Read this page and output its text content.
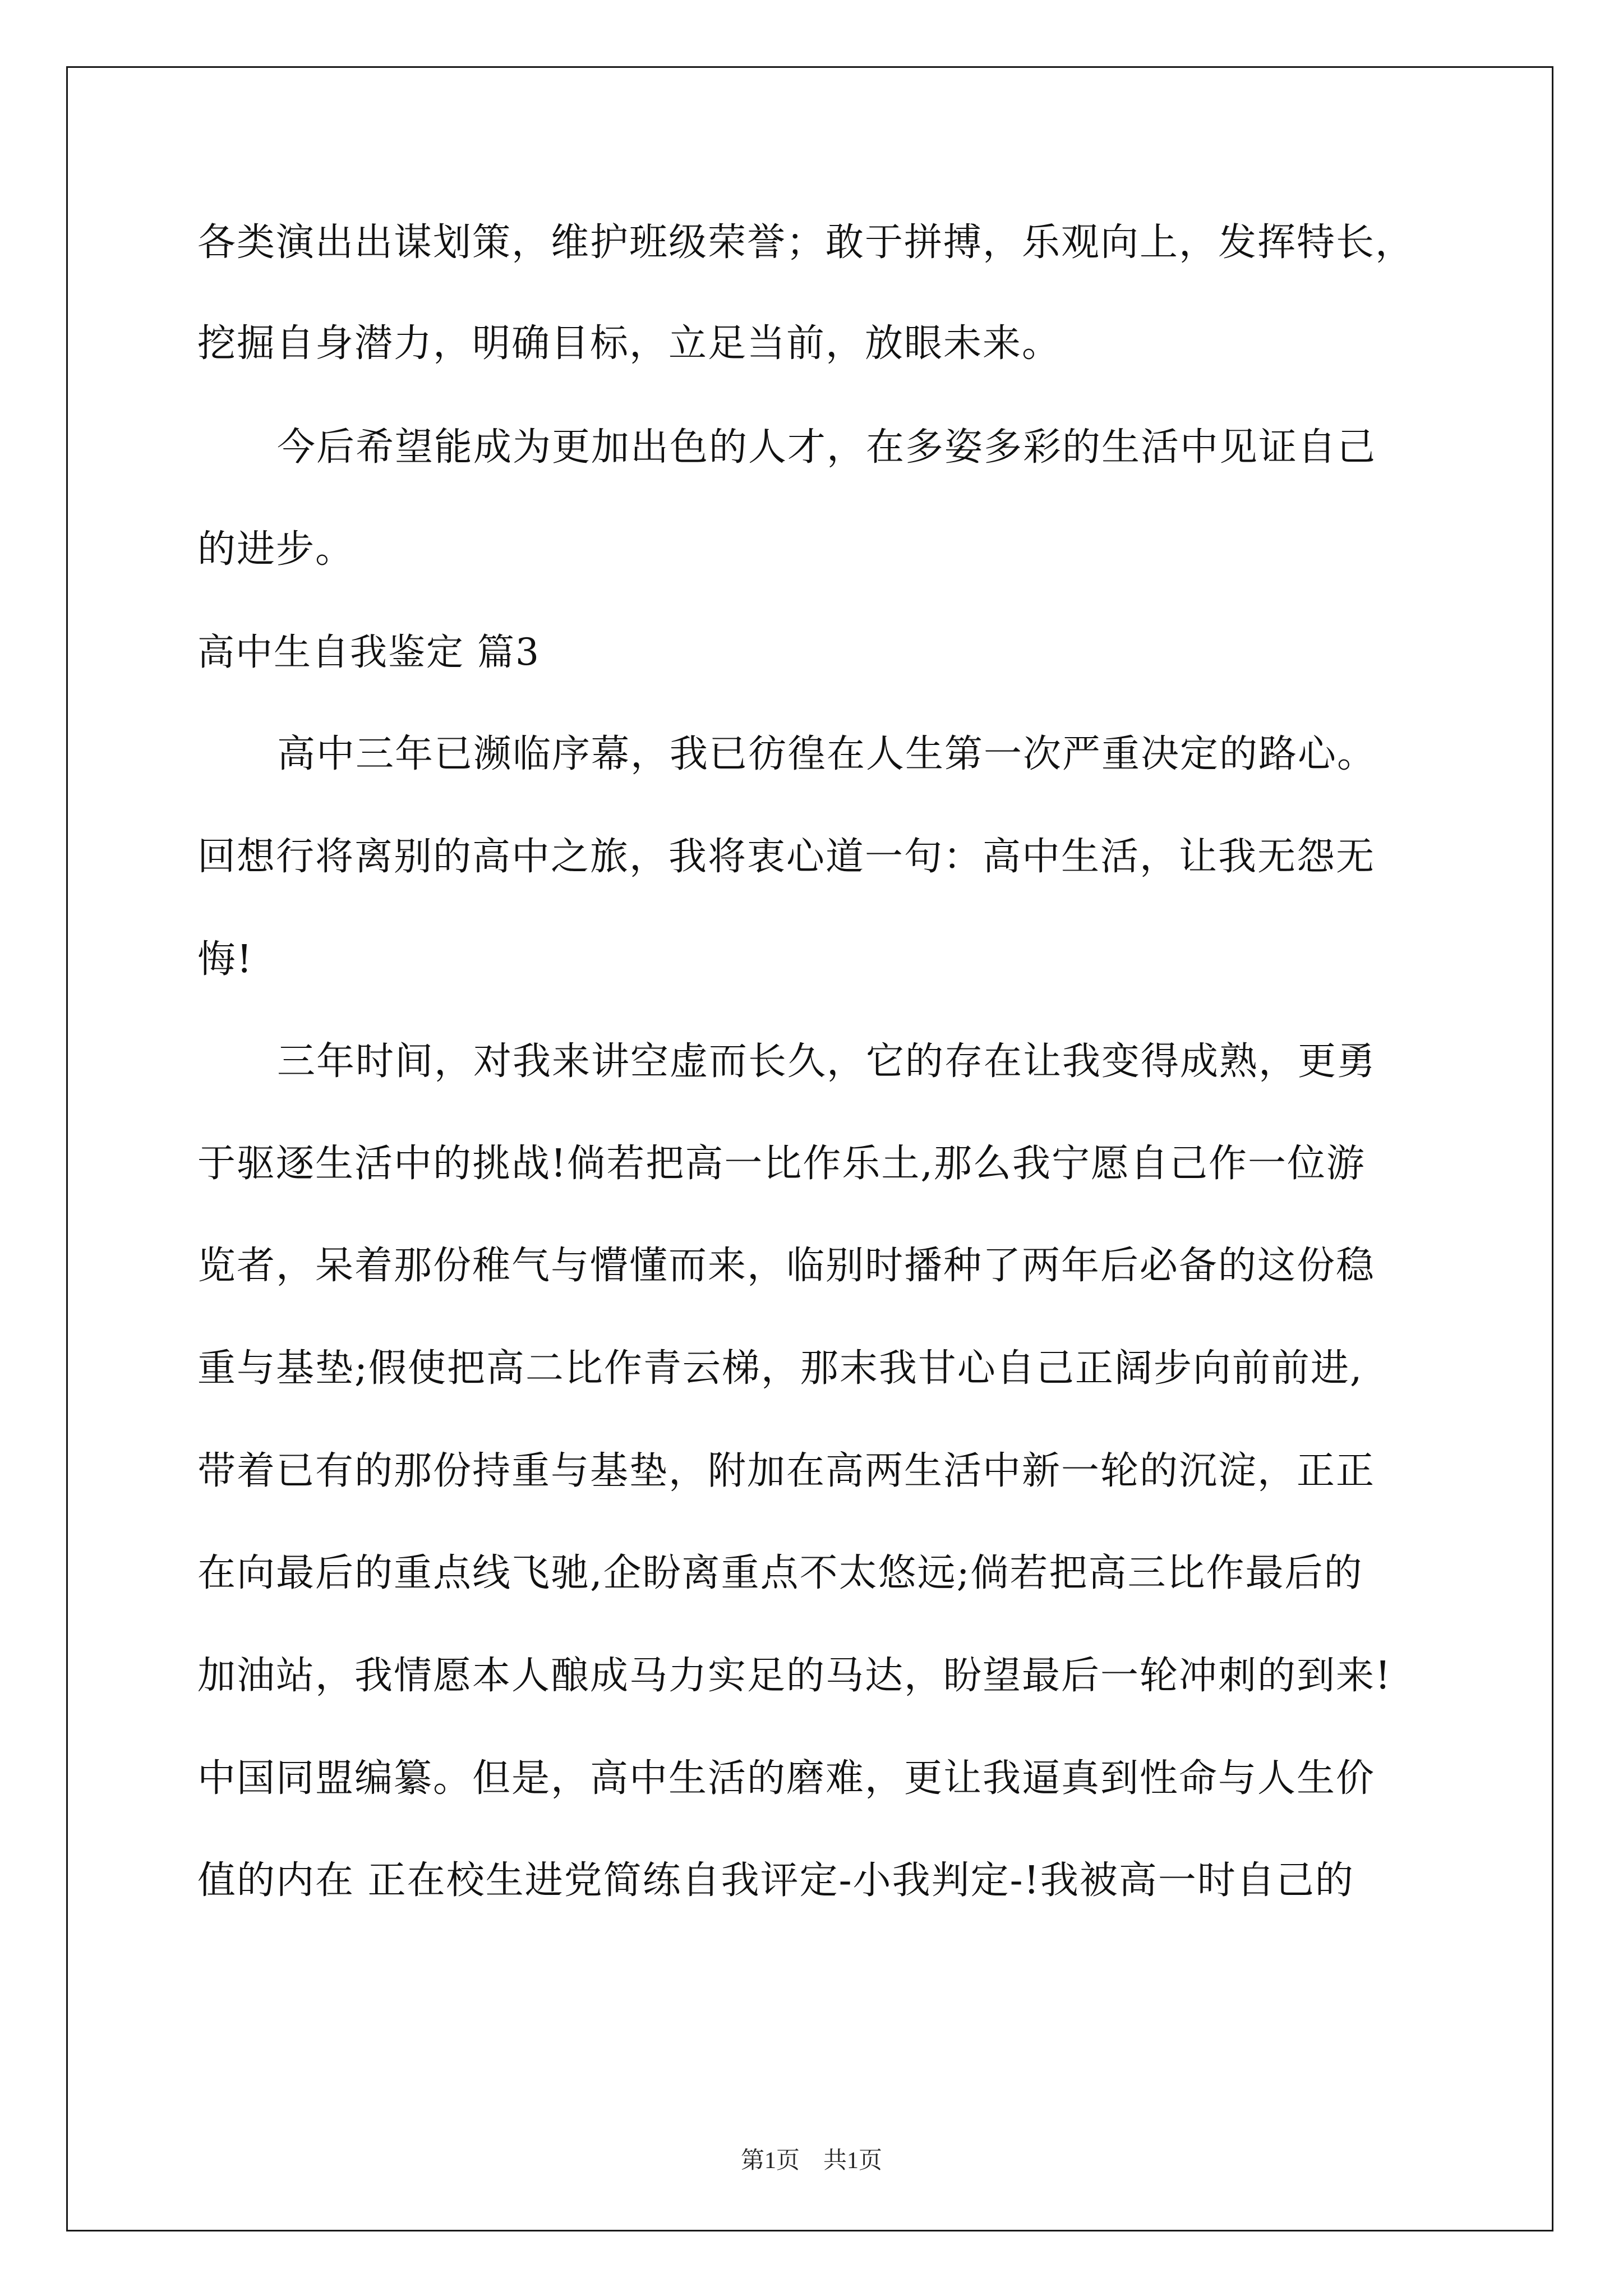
各类演出出谋划策，维护班级荣誉；敢于拼搏，乐观向上，发挥特长，
挖掘自身潜力，明确目标，立足当前，放眼未来。
今后希望能成为更加出色的人才，在多姿多彩的生活中见证自己
的进步。
高中生自我鉴定 篇3
高中三年已濒临序幕，我已彷徨在人生第一次严重决定的路心。
回想行将离别的高中之旅，我将衷心道一句：高中生活，让我无怨无
悔!
三年时间，对我来讲空虚而长久，它的存在让我变得成熟，更勇
于驱逐生活中的挑战!倘若把高一比作乐土,那么我宁愿自己作一位游
览者，呆着那份稚气与懵懂而来，临别时播种了两年后必备的这份稳
重与基垫;假使把高二比作青云梯，那末我甘心自己正阔步向前前进,
带着已有的那份持重与基垫，附加在高两生活中新一轮的沉淀，正正
在向最后的重点线飞驰,企盼离重点不太悠远;倘若把高三比作最后的
加油站，我情愿本人酿成马力实足的马达，盼望最后一轮冲刺的到来!
中国同盟编纂。但是，高中生活的磨难，更让我逼真到性命与人生价
值的内在 正在校生进党简练自我评定-小我判定-!我被高一时自己的
第1页　共1页
